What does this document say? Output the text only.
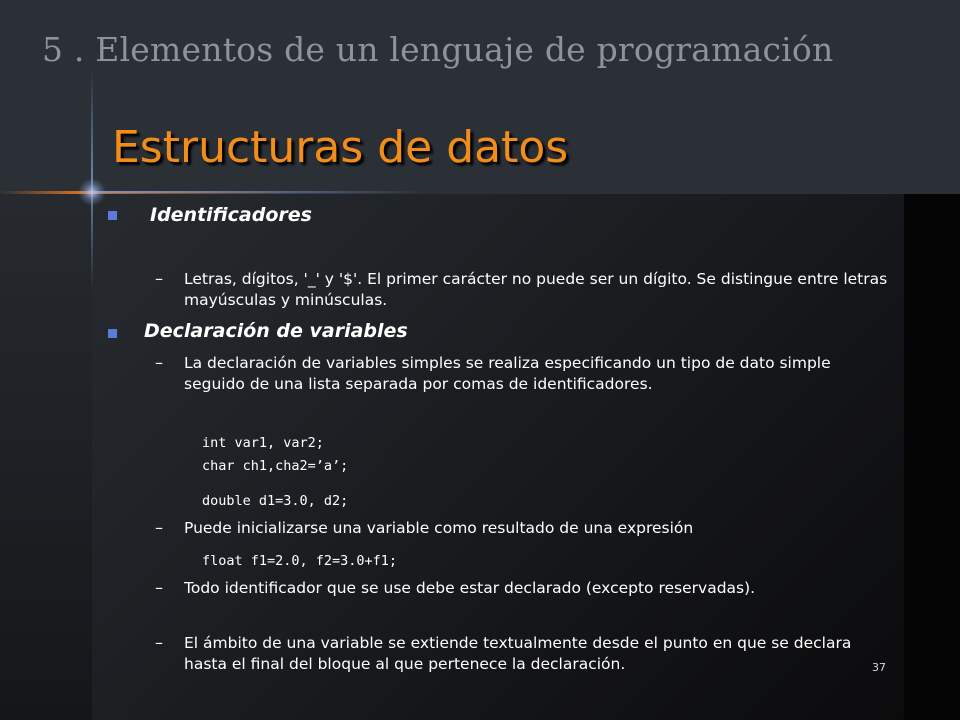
5 . Elementos de un lenguaje de programación
Estructuras de datos
Identificadores
– Letras, dígitos, '_' y '$'. El primer carácter no puede ser un dígito. Se distingue entre letras mayúsculas y minúsculas.
Declaración de variables
– La declaración de variables simples se realiza especificando un tipo de dato simple seguido de una lista separada por comas de identificadores.
int var1, var2;
char ch1,cha2=’a’;
double d1=3.0, d2;
– Puede inicializarse una variable como resultado de una expresión
float f1=2.0, f2=3.0+f1;
– Todo identificador que se use debe estar declarado (excepto reservadas).
– El ámbito de una variable se extiende textualmente desde el punto en que se declara hasta el final del bloque al que pertenece la declaración.	37
